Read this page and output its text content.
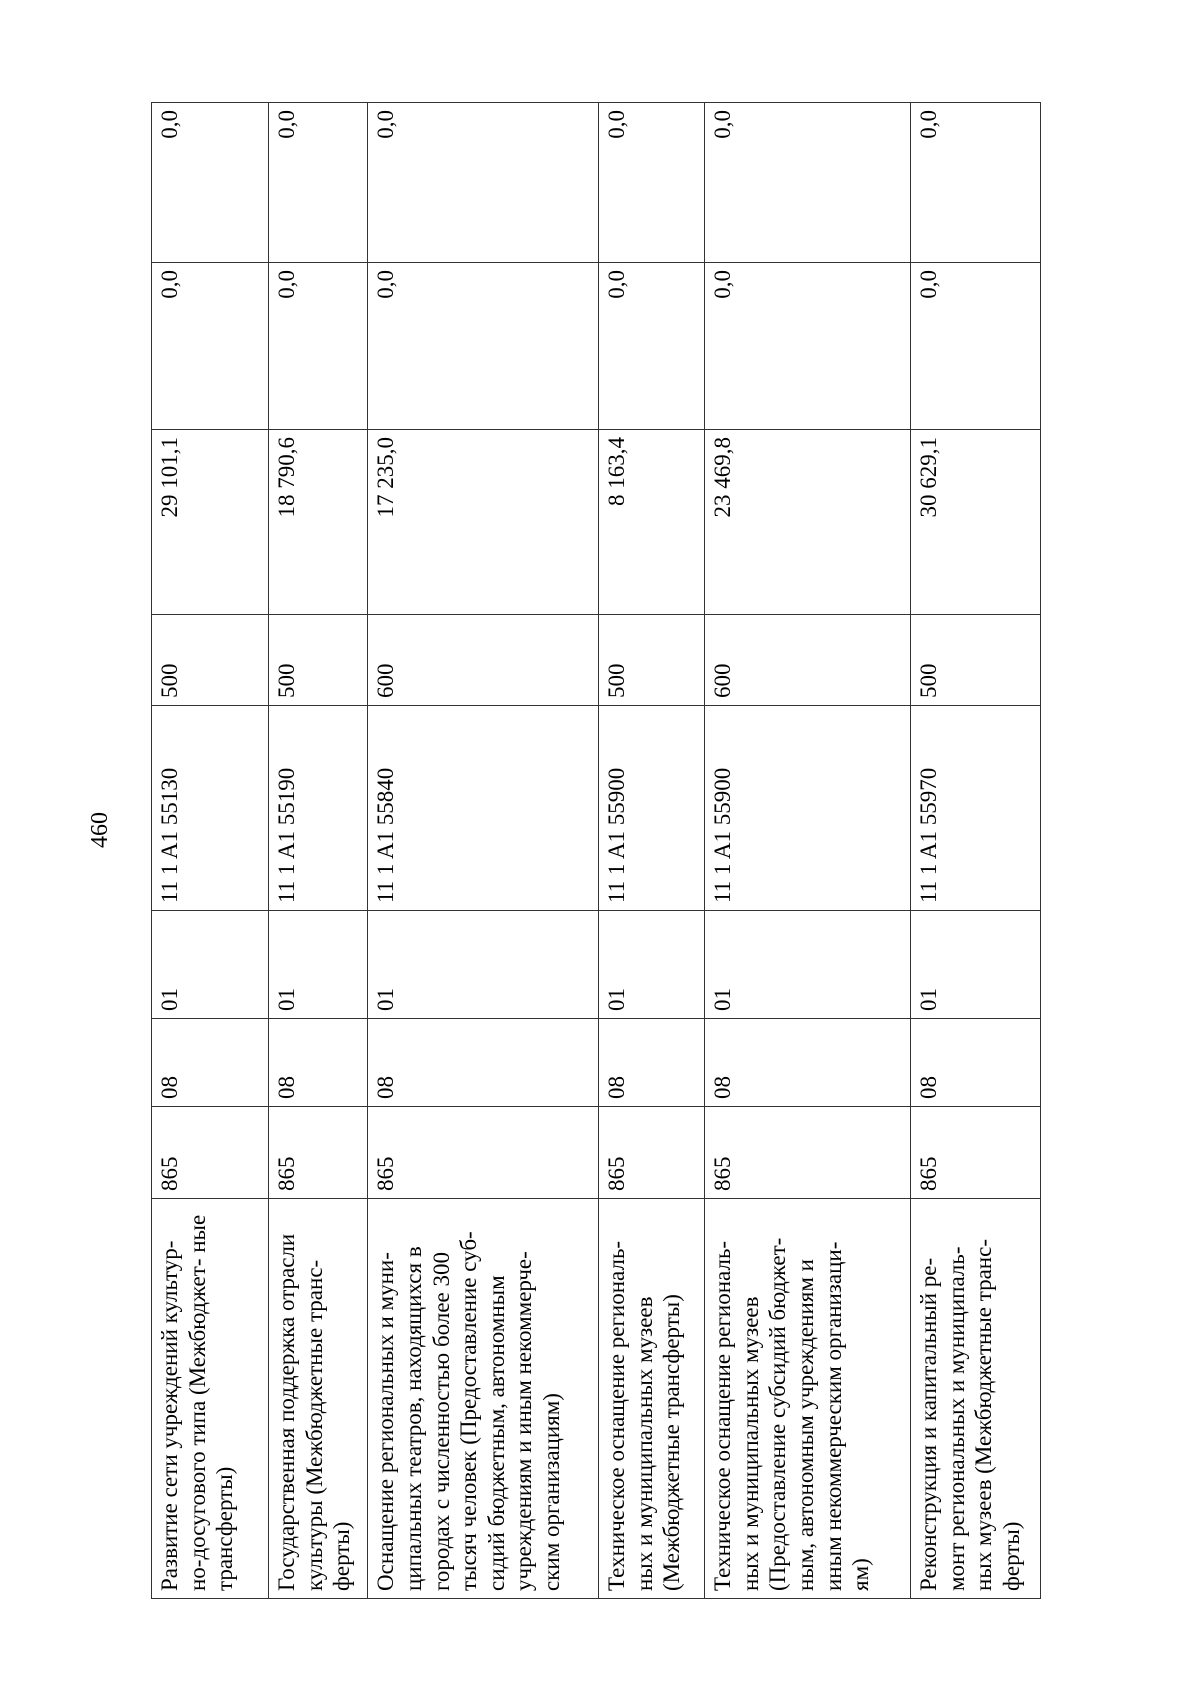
460
Развитие сети учреждений культур- но-досугового типа (Межбюджет- ные трансферты)	865	08	01	11 1 A1 55130	500	29 101,1	0,0	0,0
Государственная поддержка отрасли культуры (Межбюджетные транс- ферты)	865	08	01	11 1 A1 55190	500	18 790,6	0,0	0,0
Оснащение региональных и муни- ципальных театров, находящихся в городах с численностью более 300 тысяч человек (Предоставление суб- сидий бюджетным, автономным учреждениям и иным некоммерче- ским организациям)	865	08	01	11 1 A1 55840	600	17 235,0	0,0	0,0
Техническое оснащение региональ- ных и муниципальных музеев (Межбюджетные трансферты)	865	08	01	11 1 A1 55900	500	8 163,4	0,0	0,0
Техническое оснащение региональ- ных и муниципальных музеев (Предоставление субсидий бюджет- ным, автономным учреждениям и иным некоммерческим организаци- ям)	865	08	01	11 1 A1 55900	600	23 469,8	0,0	0,0
Реконструкция и капитальный ре- монт региональных и муниципаль- ных музеев (Межбюджетные транс- ферты)	865	08	01	11 1 A1 55970	500	30 629,1	0,0	0,0
